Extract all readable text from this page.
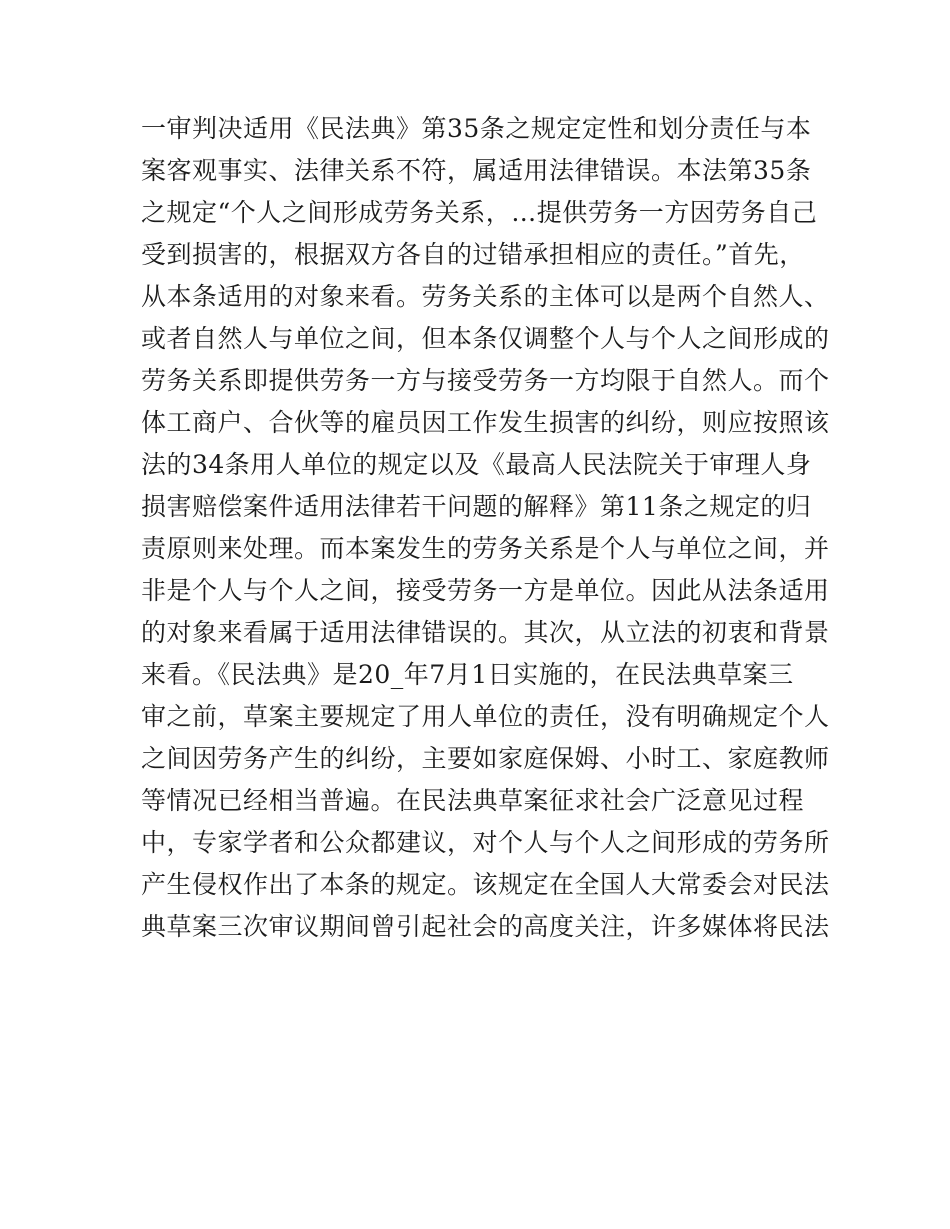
一审判决适用《民法典》第35条之规定定性和划分责任与本
案客观事实、法律关系不符，属适用法律错误。本法第35条
之规定“个人之间形成劳务关系，…提供劳务一方因劳务自己
受到损害的，根据双方各自的过错承担相应的责任。”首先，
从本条适用的对象来看。劳务关系的主体可以是两个自然人、
或者自然人与单位之间，但本条仅调整个人与个人之间形成的
劳务关系即提供劳务一方与接受劳务一方均限于自然人。而个
体工商户、合伙等的雇员因工作发生损害的纠纷，则应按照该
法的34条用人单位的规定以及《最高人民法院关于审理人身
损害赔偿案件适用法律若干问题的解释》第11条之规定的归
责原则来处理。而本案发生的劳务关系是个人与单位之间，并
非是个人与个人之间，接受劳务一方是单位。因此从法条适用
的对象来看属于适用法律错误的。其次，从立法的初衷和背景
来看。《民法典》是20_年7月1日实施的，在民法典草案三
审之前，草案主要规定了用人单位的责任，没有明确规定个人
之间因劳务产生的纠纷，主要如家庭保姆、小时工、家庭教师
等情况已经相当普遍。在民法典草案征求社会广泛意见过程
中，专家学者和公众都建议，对个人与个人之间形成的劳务所
产生侵权作出了本条的规定。该规定在全国人大常委会对民法
典草案三次审议期间曾引起社会的高度关注，许多媒体将民法
